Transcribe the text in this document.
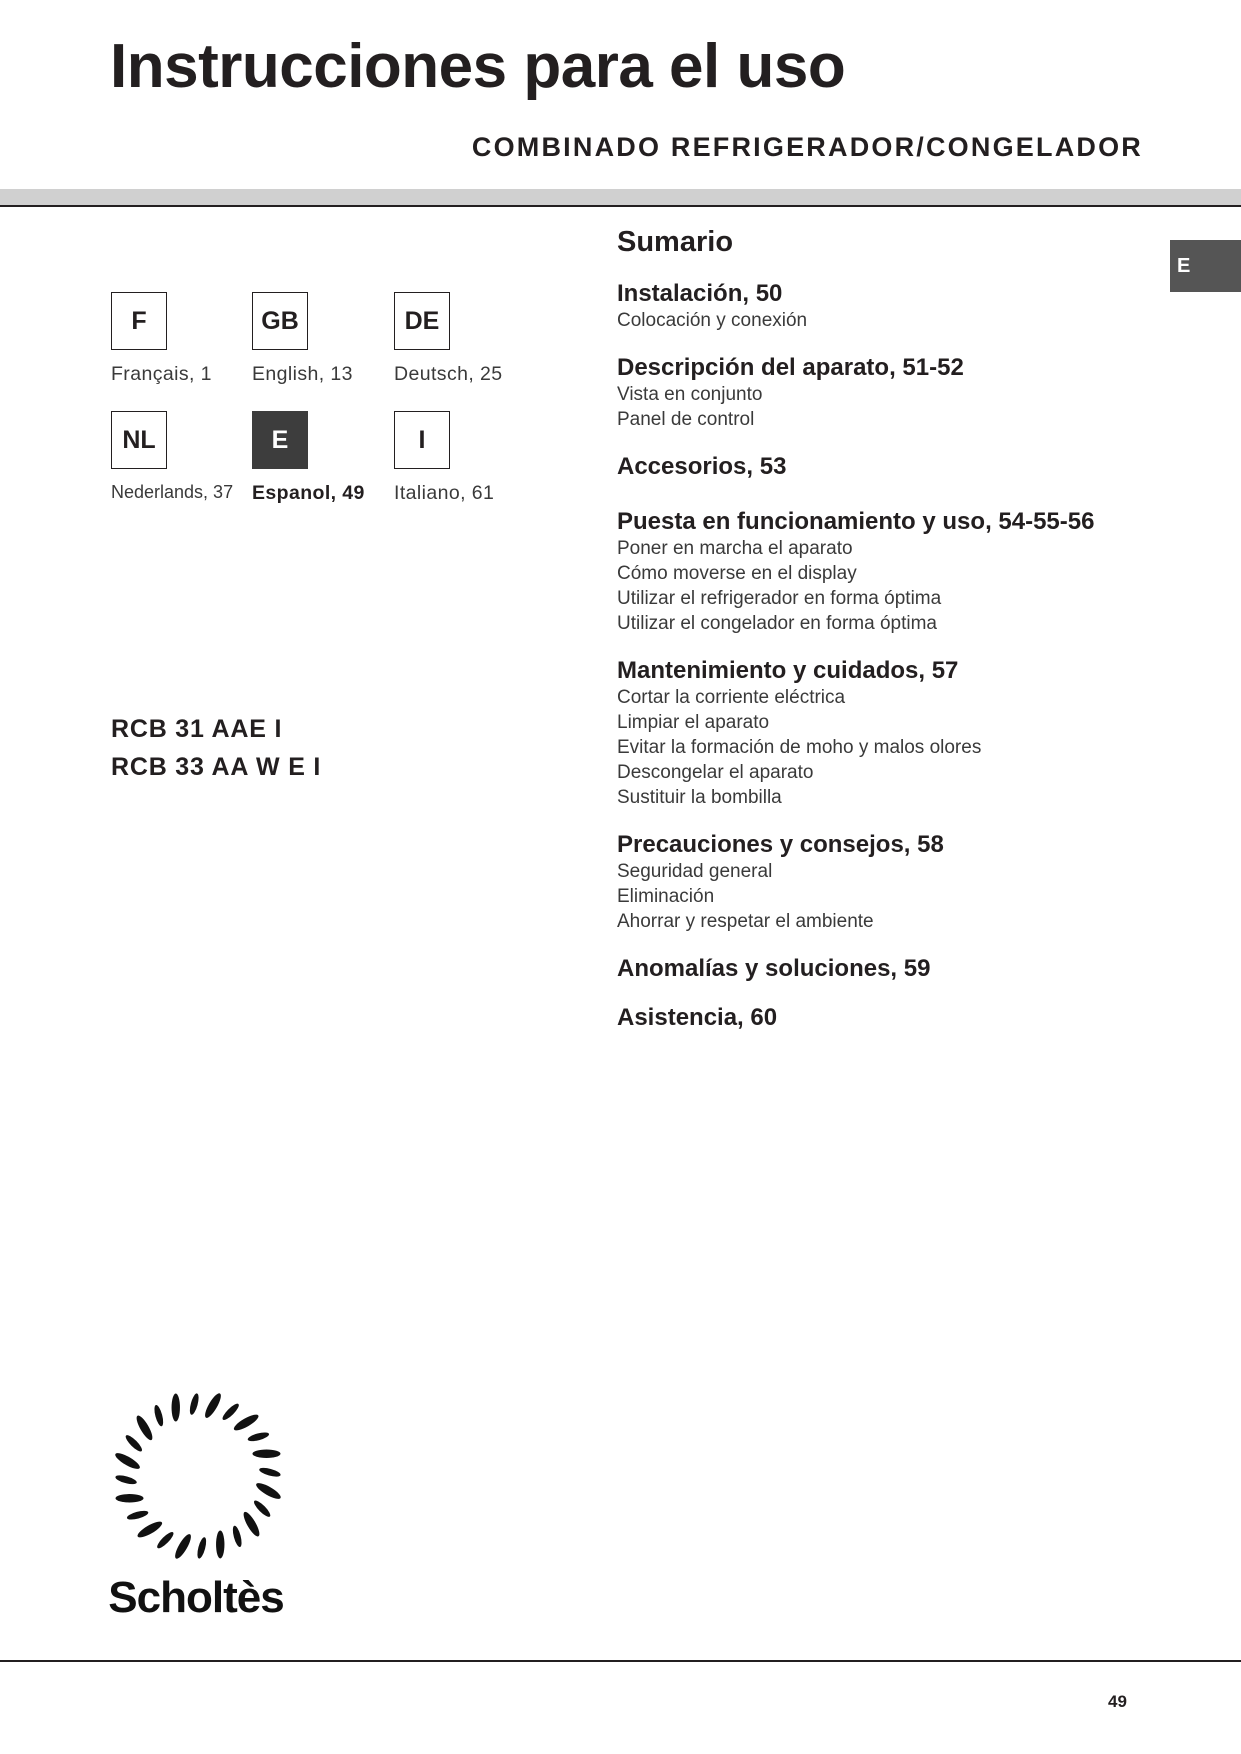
Instrucciones para el uso
COMBINADO REFRIGERADOR/CONGELADOR
E
F	GB	DE
Français, 1 English, 13 Deutsch, 25
NL	E	I
Nederlands, 37 Espanol, 49 Italiano, 61
RCB 31 AAE I
RCB 33 AA W E I
Sumario
Instalación, 50
Colocación y conexión
Descripción del aparato, 51-52
Vista en conjunto
Panel de control
Accesorios, 53
Puesta en funcionamiento y uso, 54-55-56
Poner en marcha el aparato
Cómo moverse en el display
Utilizar el refrigerador en forma óptima
Utilizar el congelador en forma óptima
Mantenimiento y cuidados, 57
Cortar la corriente eléctrica
Limpiar el aparato
Evitar la formación de moho y malos olores
Descongelar el aparato
Sustituir la bombilla
Precauciones y consejos, 58
Seguridad general
Eliminación
Ahorrar y respetar el ambiente
Anomalías y soluciones, 59
Asistencia, 60
Scholtès
49
